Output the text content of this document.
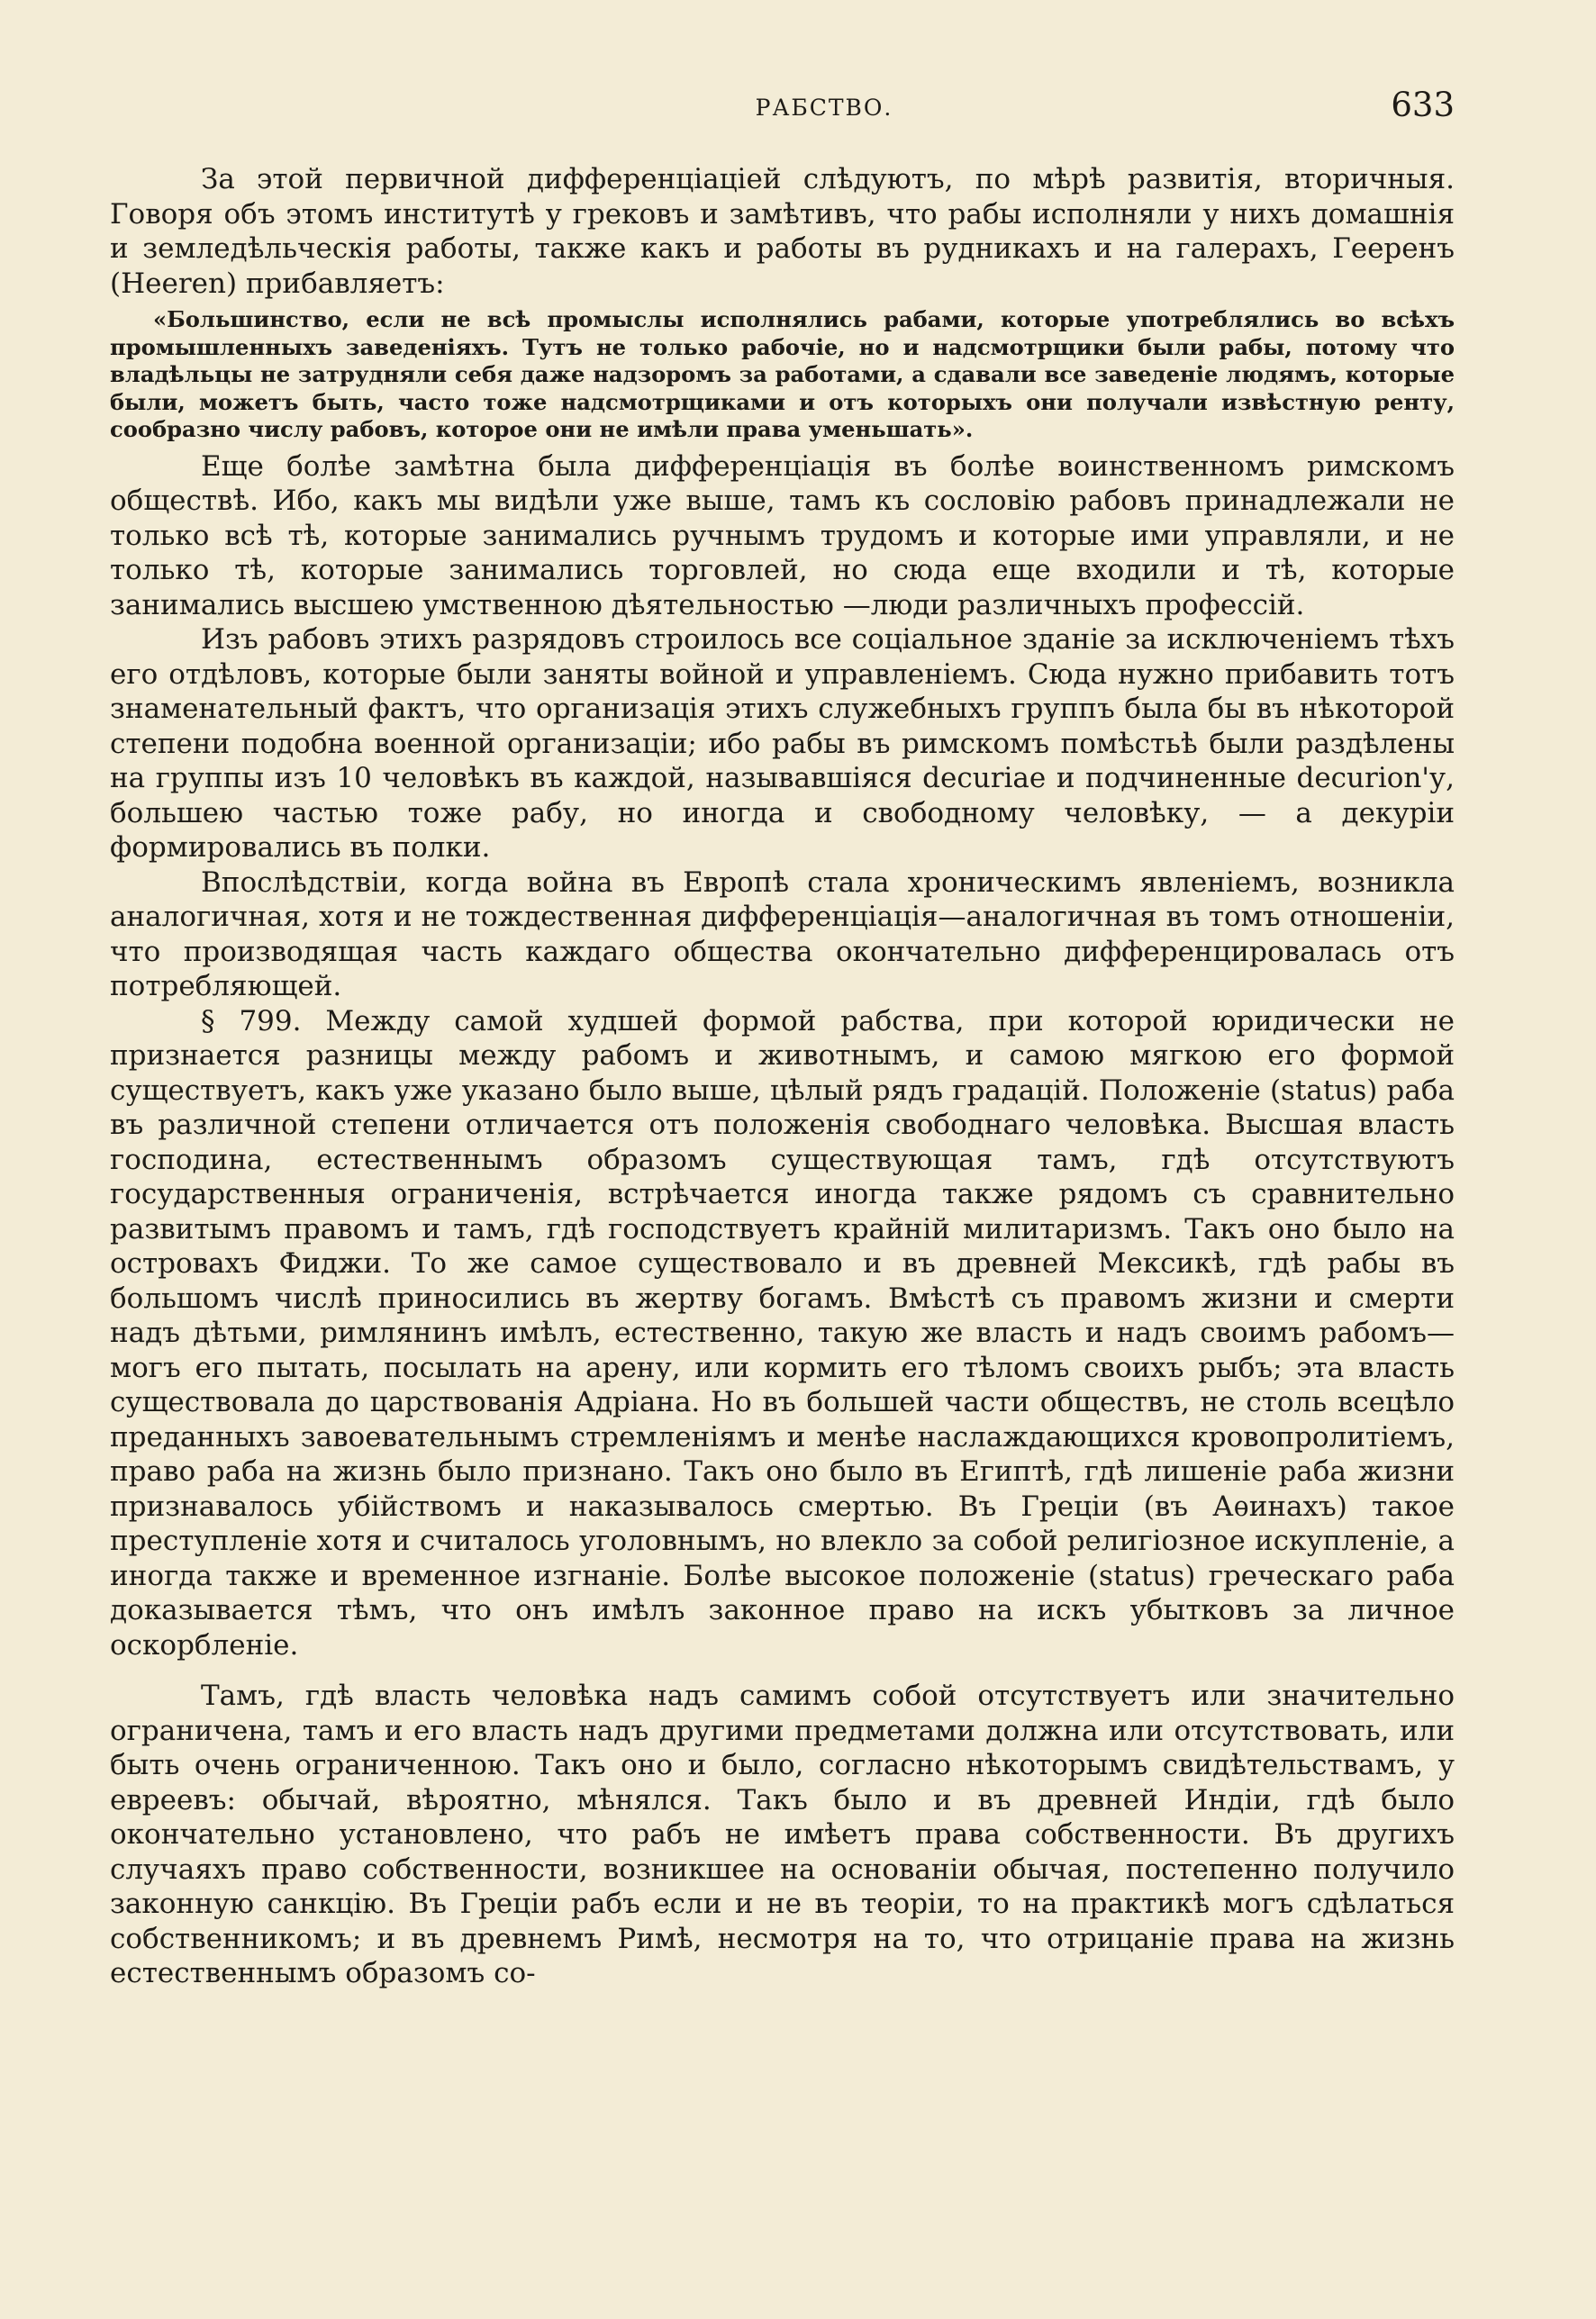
РАБСТВО.	633

За этой первичной дифференціаціей слѣдуютъ, по мѣрѣ развитія, вторичныя. Говоря объ этомъ институтѣ у грековъ и замѣтивъ, что рабы исполняли у нихъ домашнія и земледѣльческія работы, также какъ и работы въ рудникахъ и на галерахъ, Гееренъ (Heeren) прибавляетъ:

«Большинство, если не всѣ промыслы исполнялись рабами, которые употреблялись во всѣхъ промышленныхъ заведеніяхъ. Тутъ не только рабочіе, но и надсмотрщики были рабы, потому что владѣльцы не затрудняли себя даже надзоромъ за работами, а сдавали все заведеніе людямъ, которые были, можетъ быть, часто тоже надсмотрщиками и отъ которыхъ они получали извѣстную ренту, сообразно числу рабовъ, которое они не имѣли права уменьшать».

Еще болѣе замѣтна была дифференціація въ болѣе воинственномъ римскомъ обществѣ. Ибо, какъ мы видѣли уже выше, тамъ къ сословію рабовъ принадлежали не только всѣ тѣ, которые занимались ручнымъ трудомъ и которые ими управляли, и не только тѣ, которые занимались торговлей, но сюда еще входили и тѣ, которые занимались высшею умственною дѣятельностью —люди различныхъ профессій.

Изъ рабовъ этихъ разрядовъ строилось все соціальное зданіе за исключеніемъ тѣхъ его отдѣловъ, которые были заняты войной и управленіемъ. Сюда нужно прибавить тотъ знаменательный фактъ, что организація этихъ служебныхъ группъ была бы въ нѣкоторой степени подобна военной организаціи; ибо рабы въ римскомъ помѣстьѣ были раздѣлены на группы изъ 10 человѣкъ въ каждой, называвшіяся decuriae и подчиненные decurion'у, большею частью тоже рабу, но иногда и свободному человѣку, — а декуріи формировались въ полки.

Впослѣдствіи, когда война въ Европѣ стала хроническимъ явленіемъ, возникла аналогичная, хотя и не тождественная дифференціація—аналогичная въ томъ отношеніи, что производящая часть каждаго общества окончательно дифференцировалась отъ потребляющей.

§ 799. Между самой худшей формой рабства, при которой юридически не признается разницы между рабомъ и животнымъ, и самою мягкою его формой существуетъ, какъ уже указано было выше, цѣлый рядъ градацій. Положеніе (status) раба въ различной степени отличается отъ положенія свободнаго человѣка. Высшая власть господина, естественнымъ образомъ существующая тамъ, гдѣ отсутствуютъ государственныя ограниченія, встрѣчается иногда также рядомъ съ сравнительно развитымъ правомъ и тамъ, гдѣ господствуетъ крайній милитаризмъ. Такъ оно было на островахъ Фиджи. То же самое существовало и въ древней Мексикѣ, гдѣ рабы въ большомъ числѣ приносились въ жертву богамъ. Вмѣстѣ съ правомъ жизни и смерти надъ дѣтьми, римлянинъ имѣлъ, естественно, такую же власть и надъ своимъ рабомъ—могъ его пытать, посылать на арену, или кормить его тѣломъ своихъ рыбъ; эта власть существовала до царствованія Адріана. Но въ большей части обществъ, не столь всецѣло преданныхъ завоевательнымъ стремленіямъ и менѣе наслаждающихся кровопролитіемъ, право раба на жизнь было признано. Такъ оно было въ Египтѣ, гдѣ лишеніе раба жизни признавалось убійствомъ и наказывалось смертью. Въ Греціи (въ Аѳинахъ) такое преступленіе хотя и считалось уголовнымъ, но влекло за собой религіозное искупленіе, а иногда также и временное изгнаніе. Болѣе высокое положеніе (status) греческаго раба доказывается тѣмъ, что онъ имѣлъ законное право на искъ убытковъ за личное оскорбленіе.

Тамъ, гдѣ власть человѣка надъ самимъ собой отсутствуетъ или значительно ограничена, тамъ и его власть надъ другими предметами должна или отсутствовать, или быть очень ограниченною. Такъ оно и было, согласно нѣкоторымъ свидѣтельствамъ, у евреевъ: обычай, вѣроятно, мѣнялся. Такъ было и въ древней Индіи, гдѣ было окончательно установлено, что рабъ не имѣетъ права собственности. Въ другихъ случаяхъ право собственности, возникшее на основаніи обычая, постепенно получило законную санкцію. Въ Греціи рабъ если и не въ теоріи, то на практикѣ могъ сдѣлаться собственникомъ; и въ древнемъ Римѣ, несмотря на то, что отрицаніе права на жизнь естественнымъ образомъ со-
